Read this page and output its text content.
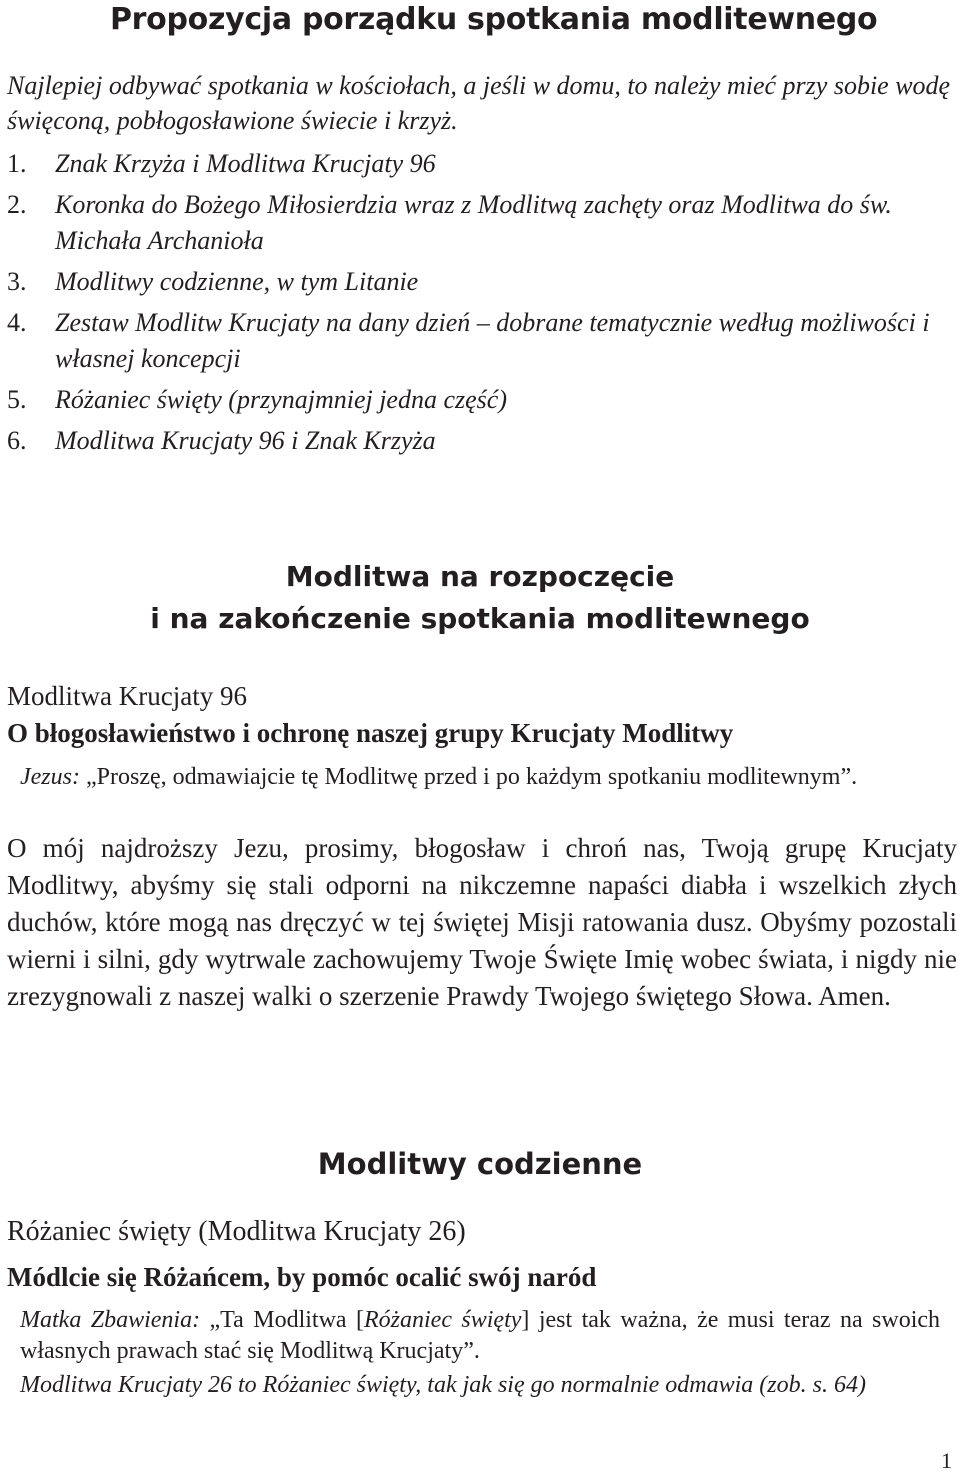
Propozycja porządku spotkania modlitewnego

Najlepiej odbywać spotkania w kościołach, a jeśli w domu, to należy mieć przy sobie wodę święconą, pobłogosławione świecie i krzyż.

1. Znak Krzyża i Modlitwa Krucjaty 96
2. Koronka do Bożego Miłosierdzia wraz z Modlitwą zachęty oraz Modlitwa do św. Michała Archanioła
3. Modlitwy codzienne, w tym Litanie
4. Zestaw Modlitw Krucjaty na dany dzień – dobrane tematycznie według możliwości i własnej koncepcji
5. Różaniec święty (przynajmniej jedna część)
6. Modlitwa Krucjaty 96 i Znak Krzyża
Modlitwa na rozpoczęcie
i na zakończenie spotkania modlitewnego

Modlitwa Krucjaty 96

O błogosławieństwo i ochronę naszej grupy Krucjaty Modlitwy

Jezus: „Proszę, odmawiajcie tę Modlitwę przed i po każdym spotkaniu modlitewnym”.

O mój najdroższy Jezu, prosimy, błogosław i chroń nas, Twoją grupę Krucjaty Modlitwy, abyśmy się stali odporni na nikczemne napaści diabła i wszelkich złych duchów, które mogą nas dręczyć w tej świętej Misji ratowania dusz. Obyśmy pozostali wierni i silni, gdy wytrwale zachowujemy Twoje Święte Imię wobec świata, i nigdy nie zrezygnowali z naszej walki o szerzenie Prawdy Twojego świętego Słowa. Amen.

Modlitwy codzienne

Różaniec święty (Modlitwa Krucjaty 26)

Módlcie się Różańcem, by pomóc ocalić swój naród

Matka Zbawienia: „Ta Modlitwa [Różaniec święty] jest tak ważna, że musi teraz na swoich własnych prawach stać się Modlitwą Krucjaty”.

Modlitwa Krucjaty 26 to Różaniec święty, tak jak się go normalnie odmawia (zob. s. 64)

1
